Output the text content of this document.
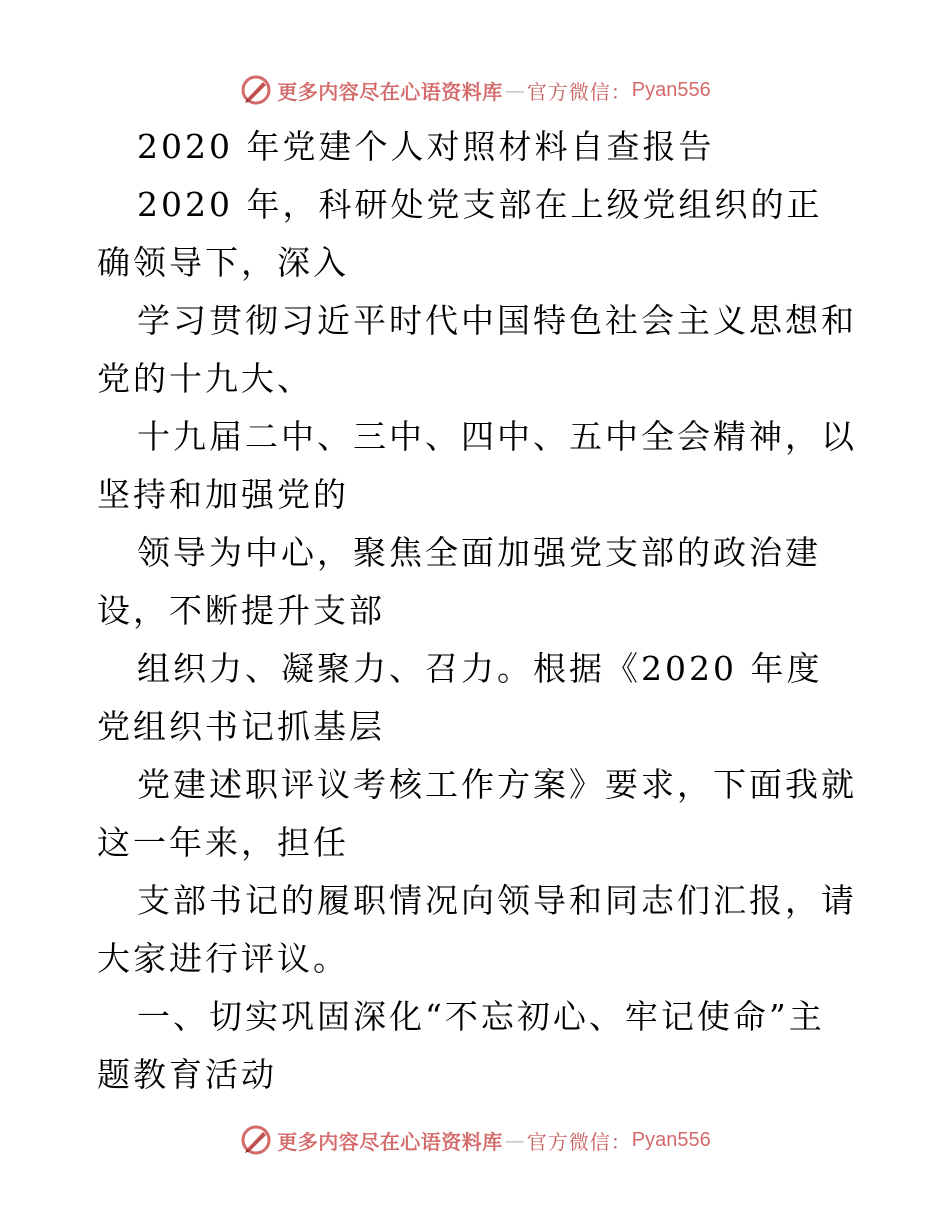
更多内容尽在心语资料库 — 官方微信： Pyan556

2020 年党建个人对照材料自查报告

2020 年，科研处党支部在上级党组织的正确领导下，深入

学习贯彻习近平时代中国特色社会主义思想和党的十九大、

十九届二中、三中、四中、五中全会精神，以坚持和加强党的

领导为中心，聚焦全面加强党支部的政治建设，不断提升支部

组织力、凝聚力、召力。根据《2020 年度党组织书记抓基层

党建述职评议考核工作方案》要求，下面我就这一年来，担任

支部书记的履职情况向领导和同志们汇报，请大家进行评议。

一、切实巩固深化“不忘初心、牢记使命”主题教育活动

更多内容尽在心语资料库 — 官方微信： Pyan556
